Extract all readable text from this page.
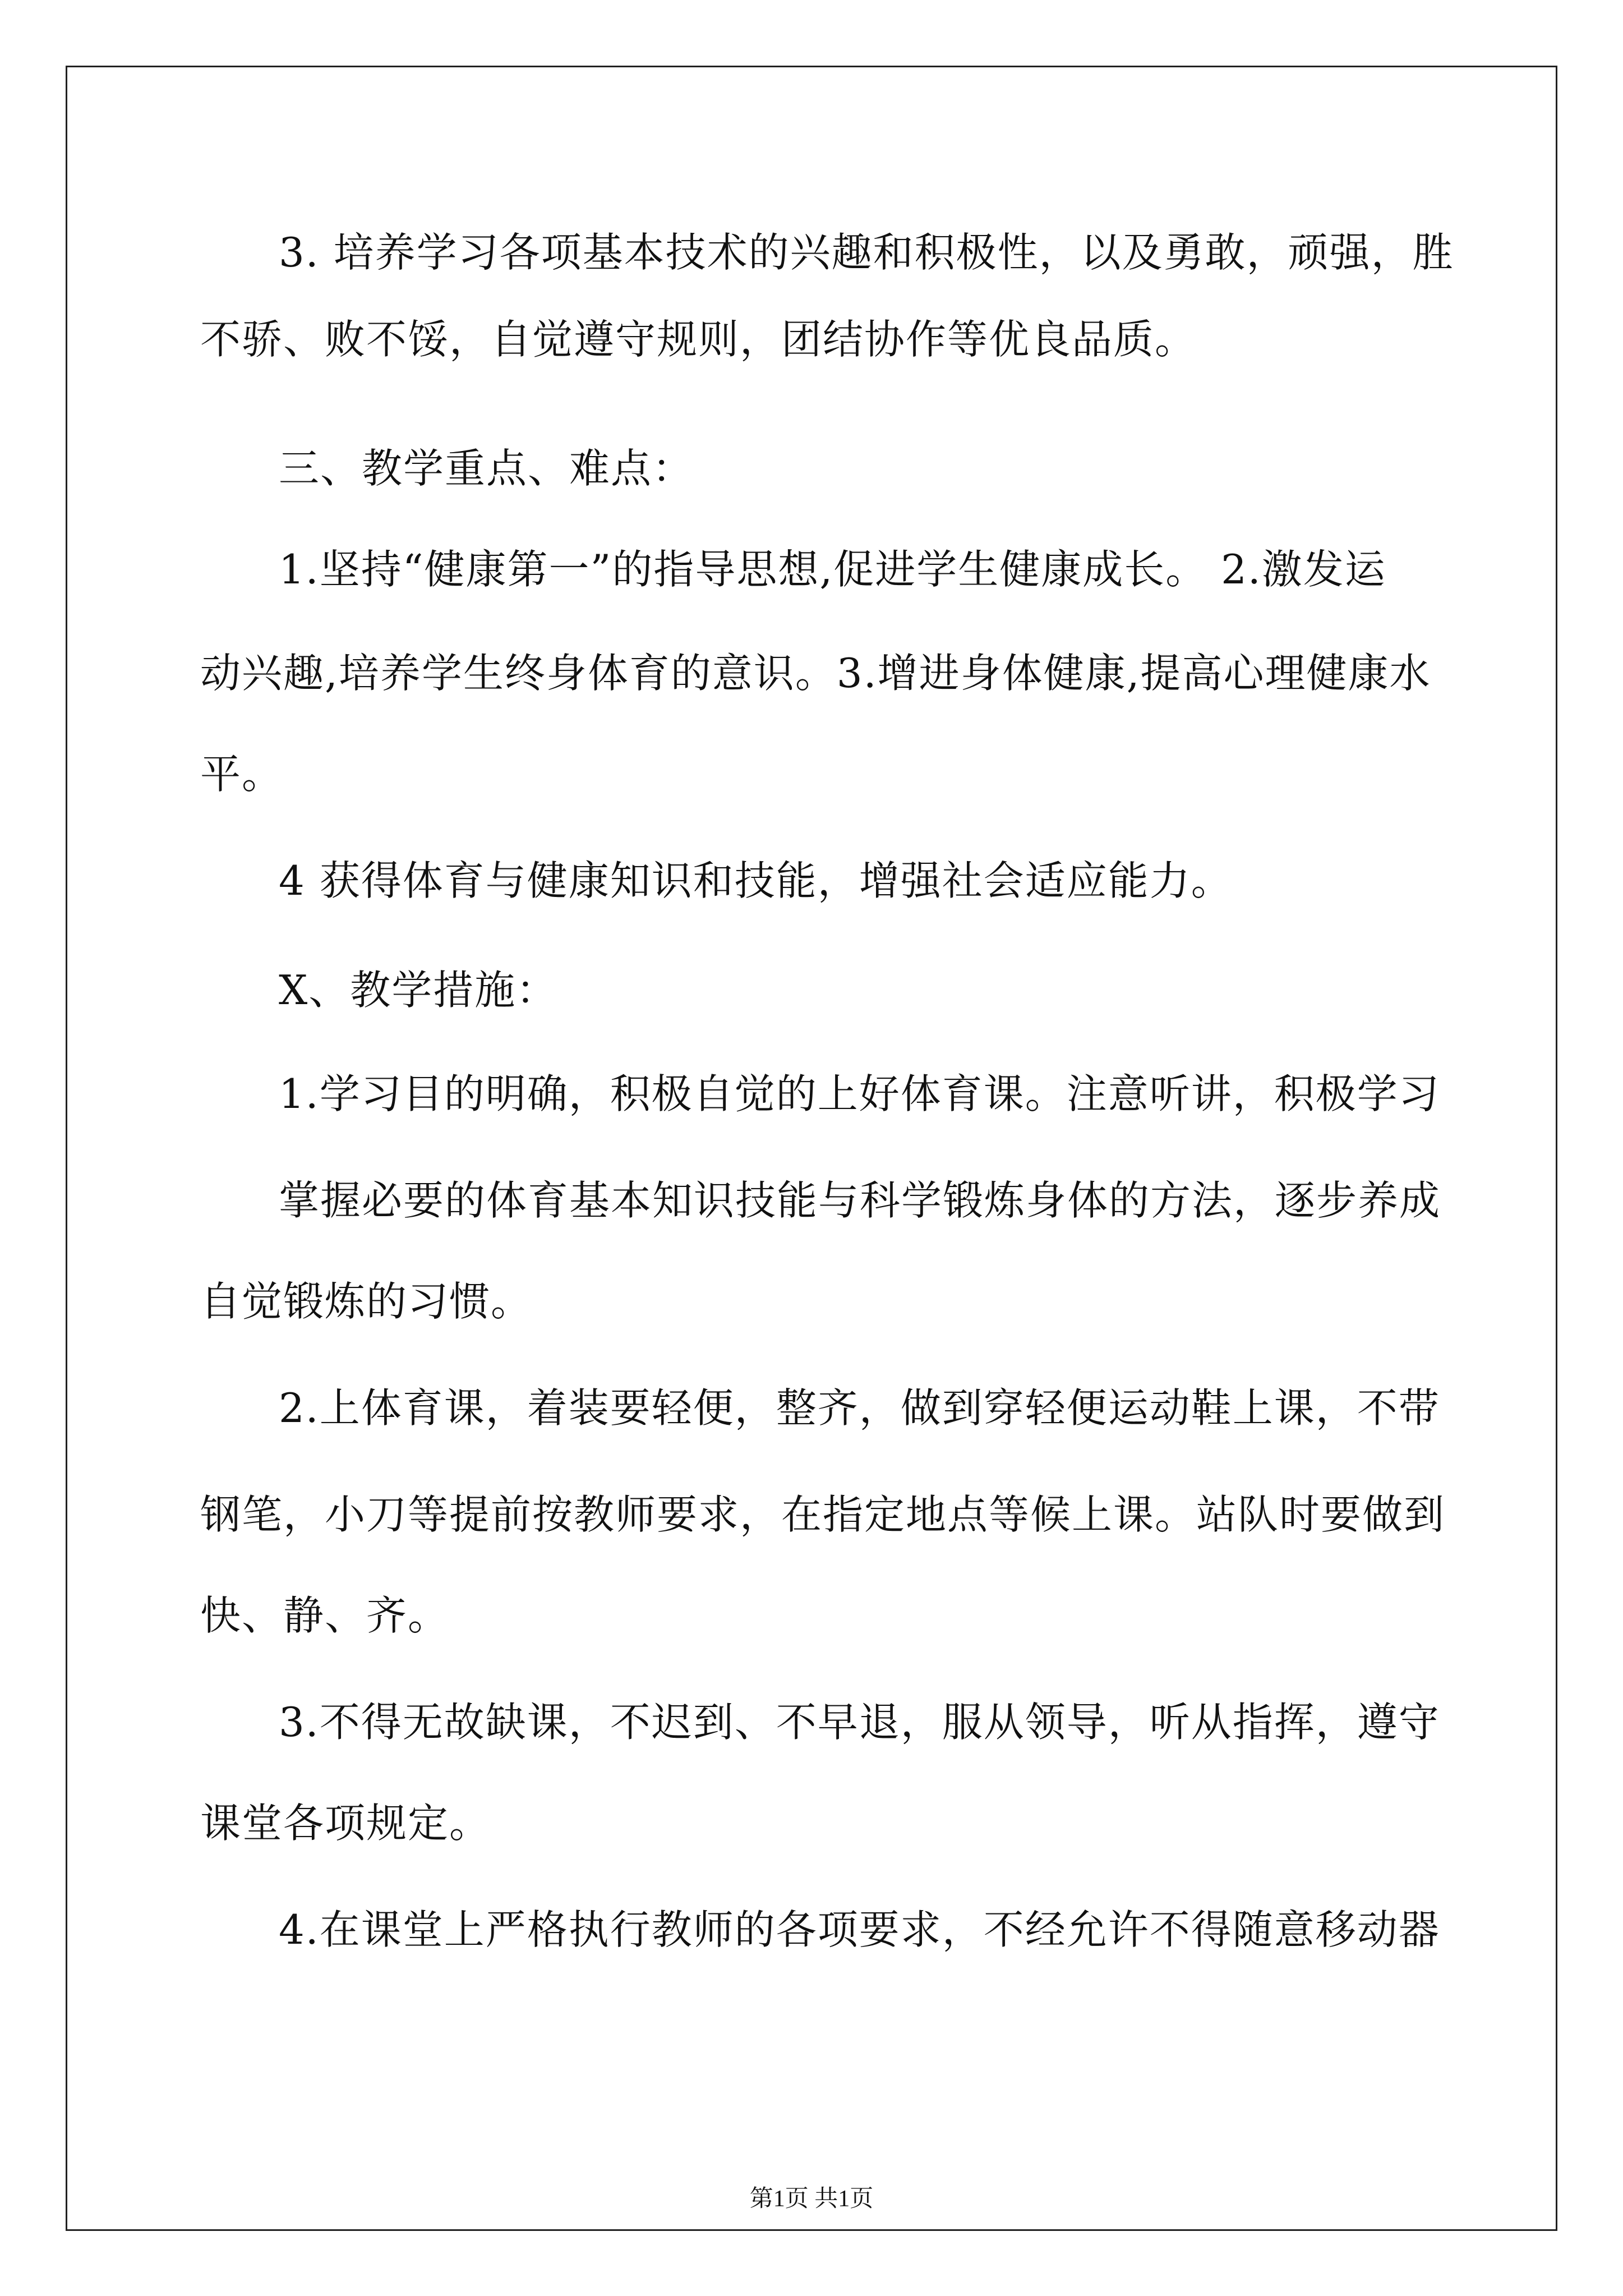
3. 培养学习各项基本技术的兴趣和积极性，以及勇敢，顽强，胜
不骄、败不馁，自觉遵守规则，团结协作等优良品质。
三、教学重点、难点：
1.坚持“健康第一”的指导思想,促进学生健康成长。 2.激发运
动兴趣,培养学生终身体育的意识。3.增进身体健康,提高心理健康水
平。
4 获得体育与健康知识和技能，增强社会适应能力。
X、教学措施：
1.学习目的明确，积极自觉的上好体育课。注意听讲，积极学习
掌握必要的体育基本知识技能与科学锻炼身体的方法，逐步养成
自觉锻炼的习惯。
2.上体育课，着装要轻便，整齐，做到穿轻便运动鞋上课，不带
钢笔，小刀等提前按教师要求，在指定地点等候上课。站队时要做到
快、静、齐。
3.不得无故缺课，不迟到、不早退，服从领导，听从指挥，遵守
课堂各项规定。
4.在课堂上严格执行教师的各项要求，不经允许不得随意移动器
第1页 共1页
